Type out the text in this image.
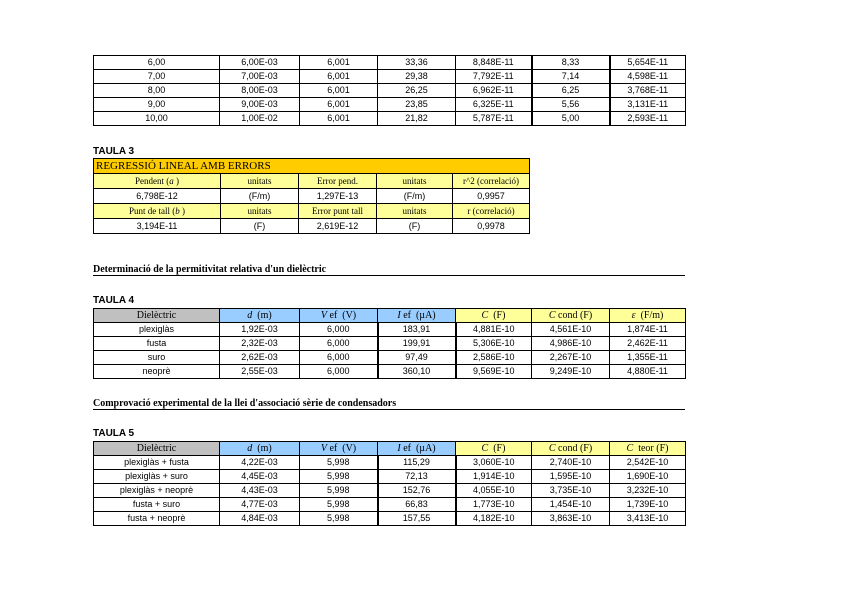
6,00	6,00E-03	6,001	33,36	8,848E-11	8,33	5,654E-11
7,00	7,00E-03	6,001	29,38	7,792E-11	7,14	4,598E-11
8,00	8,00E-03	6,001	26,25	6,962E-11	6,25	3,768E-11
9,00	9,00E-03	6,001	23,85	6,325E-11	5,56	3,131E-11
10,00	1,00E-02	6,001	21,82	5,787E-11	5,00	2,593E-11
TAULA 3
REGRESSIÓ LINEAL AMB ERRORS				
Pendent (a )	unitats	Error pend.	unitats	r^2 (correlació)
6,798E-12	(F/m)	1,297E-13	(F/m)	0,9957
Punt de tall (b )	unitats	Error punt tall	unitats	r (correlació)
3,194E-11	(F)	2,619E-12	(F)	0,9978
Determinació de la permitivitat relativa d'un dielèctric
TAULA 4
Dielèctric	d  (m)	V ef  (V)	I ef  (µA)	C  (F)	C cond (F)	ε  (F/m)
plexiglàs	1,92E-03	6,000	183,91	4,881E-10	4,561E-10	1,874E-11
fusta	2,32E-03	6,000	199,91	5,306E-10	4,986E-10	2,462E-11
suro	2,62E-03	6,000	97,49	2,586E-10	2,267E-10	1,355E-11
neoprè	2,55E-03	6,000	360,10	9,569E-10	9,249E-10	4,880E-11
Comprovació experimental de la llei d'associació sèrie de condensadors
TAULA 5
Dielèctric	d  (m)	V ef  (V)	I ef  (µA)	C  (F)	C cond (F)	C  teor (F)
plexiglàs + fusta	4,22E-03	5,998	115,29	3,060E-10	2,740E-10	2,542E-10
plexiglàs + suro	4,45E-03	5,998	72,13	1,914E-10	1,595E-10	1,690E-10
plexiglàs + neoprè	4,43E-03	5,998	152,76	4,055E-10	3,735E-10	3,232E-10
fusta + suro	4,77E-03	5,998	66,83	1,773E-10	1,454E-10	1,739E-10
fusta + neoprè	4,84E-03	5,998	157,55	4,182E-10	3,863E-10	3,413E-10
